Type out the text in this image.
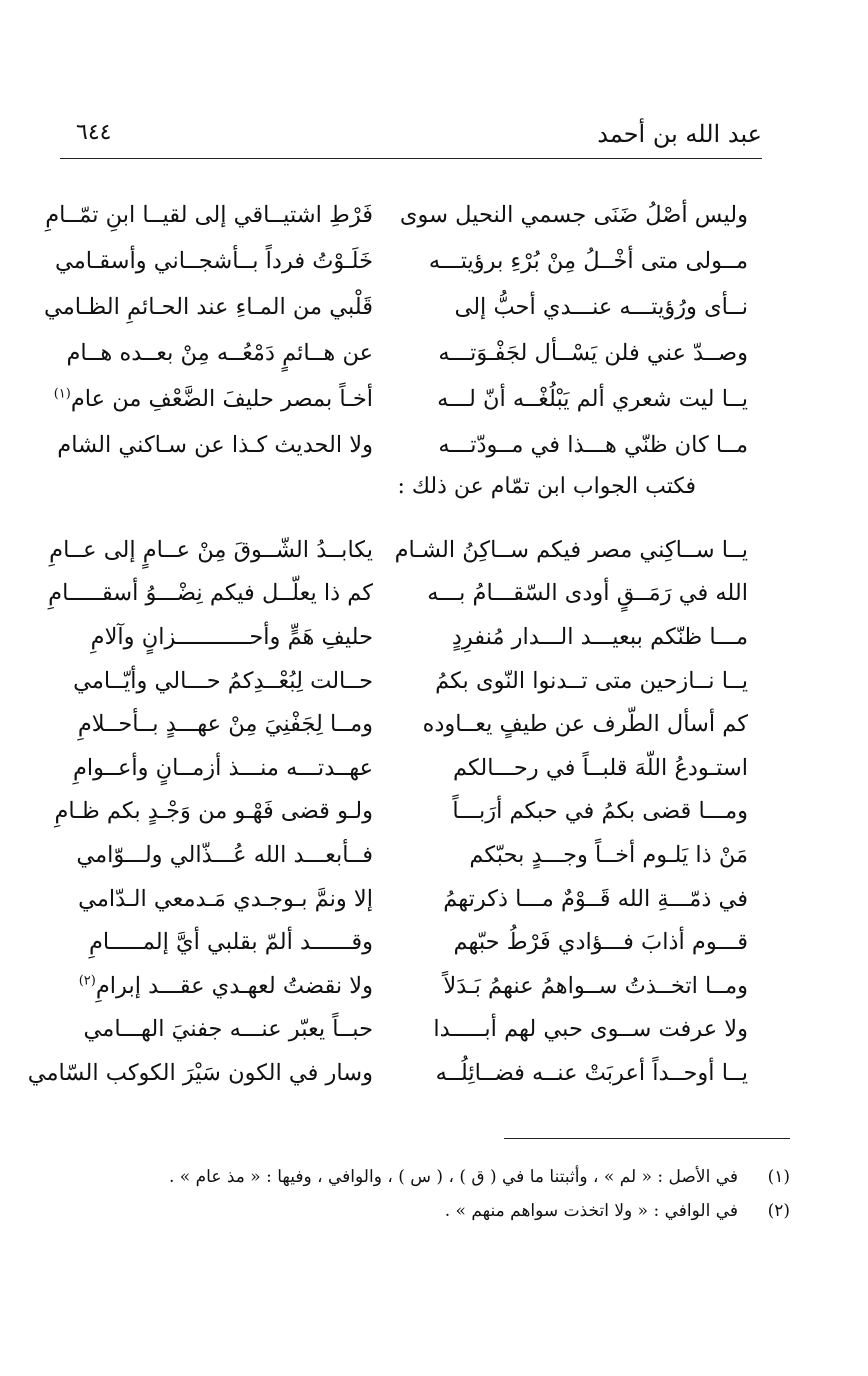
عبد الله بن أحمد
٦٤٤
وليس أصْلُ ضَنَى جسمي النحيل سوى
فَرْطِ اشتيــاقي إلى لقيــا ابنِ تمّــامِ
مــولى متى أخْــلُ مِنْ بُرْءِ برؤيتـــه
خَلَـوْتُ فرداً بــأشجــاني وأسقـامي
نــأى ورُؤيتـــه عنـــدي أحبُّ إلى
قَلْبي من المـاءِ عند الحـائمِ الظـامي
وصــدّ عني فلن يَسْــأل لجَفْـوَتـــه
عن هــائمٍ دَمْعُــه مِنْ بعــده هــام
يــا ليت شعري ألم يَبْلُغْــه أنّ لـــه
أخـاً بمصر حليفَ الضَّعْفِ من عام$^{(١)}$
مــا كان ظنّي هـــذا في مــودّتـــه
ولا الحديث كـذا عن سـاكني الشام
فكتب الجواب ابن تمّام عن ذلك :
يــا ســاكِني مصر فيكم ســاكِنُ الشـام
يكابــدُ الشّــوقَ مِنْ عــامٍ إلى عــامِ
الله في رَمَــقٍ أودى السّقـــامُ بـــه
كم ذا يعلّــل فيكم نِضْـــوُ أسقـــــامِ
مـــا ظنّكم ببعيـــد الـــدار مُنفرِدٍ
حليفِ هَمٍّ وأحـــــــــــزانٍ وآلامِ
يــا نــازحين متى تــدنوا النّوى بكمُ
حــالت لِبُعْــدِكمُ حـــالي وأيّــامي
كم أسأل الطّرف عن طيفٍ يعــاوده
ومــا لِجَفْنِيَ مِنْ عهـــدٍ بــأحــلامِ
استـودعُ اللّهَ قلبــاً في رحـــالكم
عهــدتـــه منـــذ أزمــانٍ وأعــوامِ
ومـــا قضى بكمُ في حبكم أرَبـــاً
ولـو قضى فَهْـو من وَجْـدٍ بكم ظـامِ
مَنْ ذا يَلـوم أخــاً وجـــدٍ بحبّكم
فــأبعـــد الله عُـــذّالي ولـــوّامي
في ذمّـــةِ الله قَــوْمٌ مـــا ذكرتهمُ
إلا ونمَّ بـوجـدي مَـدمعي الـدّامي
قـــوم أذابَ فـــؤادي فَرْطُ حبّهم
وقــــــد ألمّ بقلبي أيَّ إلمـــــامِ
ومــا اتخــذتُ ســواهمُ عنهمُ بَـدَلاً
ولا نقضتُ لعهـدي عقـــد إبرامِ$^{(٢)}$
ولا عرفت ســوى حبي لهم أبـــــدا
حبــاً يعبّر عنـــه جفنيَ الهـــامي
يــا أوحــداً أعربَتْ عنــه فضــائِلُــه
وسار في الكون سَيْرَ الكوكب السّامي
(١)
في الأصل : « لم » ، وأثبتنا ما في ( ق ) ، ( س ) ، والوافي ، وفيها : « مذ عام » .
(٢)
في الوافي : « ولا اتخذت سواهم منهم » .
